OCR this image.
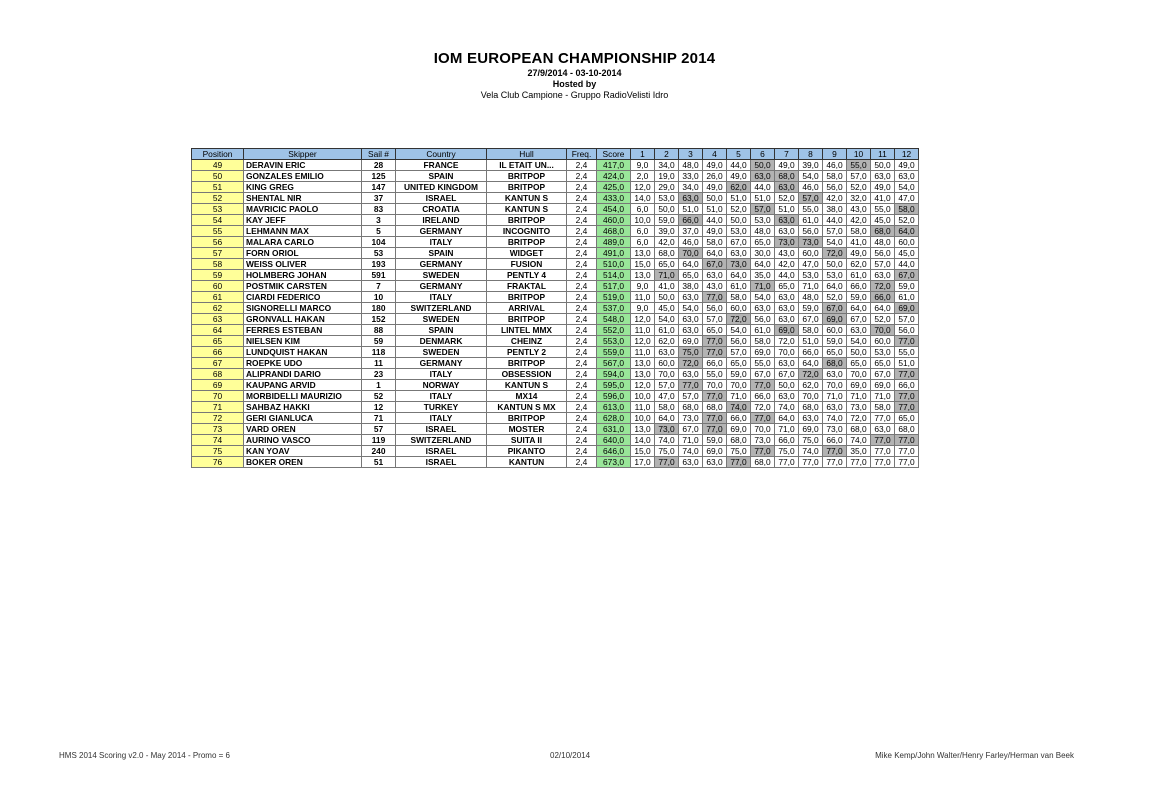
IOM EUROPEAN CHAMPIONSHIP 2014

27/9/2014 - 03-10-2014

Hosted by

Vela Club Campione - Gruppo RadioVelisti Idro

Position	Skipper	Sail #	Country	Hull	Freq.	Score	1	2	3	4	5	6	7	8	9	10	11	12
49	DERAVIN ERIC	28	FRANCE	IL ETAIT UN...	2,4	417,0	9,0	34,0	48,0	49,0	44,0	50,0	49,0	39,0	46,0	55,0	50,0	49,0
50	GONZALES EMILIO	125	SPAIN	BRITPOP	2,4	424,0	2,0	19,0	33,0	26,0	49,0	63,0	68,0	54,0	58,0	57,0	63,0	63,0
51	KING GREG	147	UNITED KINGDOM	BRITPOP	2,4	425,0	12,0	29,0	34,0	49,0	62,0	44,0	63,0	46,0	56,0	52,0	49,0	54,0
52	SHENTAL NIR	37	ISRAEL	KANTUN S	2,4	433,0	14,0	53,0	63,0	50,0	51,0	51,0	52,0	57,0	42,0	32,0	41,0	47,0
53	MAVRICIC PAOLO	83	CROATIA	KANTUN S	2,4	454,0	6,0	50,0	51,0	51,0	52,0	57,0	51,0	55,0	38,0	43,0	55,0	58,0
54	KAY JEFF	3	IRELAND	BRITPOP	2,4	460,0	10,0	59,0	66,0	44,0	50,0	53,0	63,0	61,0	44,0	42,0	45,0	52,0
55	LEHMANN MAX	5	GERMANY	INCOGNITO	2,4	468,0	6,0	39,0	37,0	49,0	53,0	48,0	63,0	56,0	57,0	58,0	68,0	64,0
56	MALARA CARLO	104	ITALY	BRITPOP	2,4	489,0	6,0	42,0	46,0	58,0	67,0	65,0	73,0	73,0	54,0	41,0	48,0	60,0
57	FORN ORIOL	53	SPAIN	WIDGET	2,4	491,0	13,0	68,0	70,0	64,0	63,0	30,0	43,0	60,0	72,0	49,0	56,0	45,0
58	WEISS OLIVER	193	GERMANY	FUSION	2,4	510,0	15,0	65,0	64,0	67,0	73,0	64,0	42,0	47,0	50,0	62,0	57,0	44,0
59	HOLMBERG JOHAN	591	SWEDEN	PENTLY 4	2,4	514,0	13,0	71,0	65,0	63,0	64,0	35,0	44,0	53,0	53,0	61,0	63,0	67,0
60	POSTMIK CARSTEN	7	GERMANY	FRAKTAL	2,4	517,0	9,0	41,0	38,0	43,0	61,0	71,0	65,0	71,0	64,0	66,0	72,0	59,0
61	CIARDI FEDERICO	10	ITALY	BRITPOP	2,4	519,0	11,0	50,0	63,0	77,0	58,0	54,0	63,0	48,0	52,0	59,0	66,0	61,0
62	SIGNORELLI MARCO	180	SWITZERLAND	ARRIVAL	2,4	537,0	9,0	45,0	54,0	56,0	60,0	63,0	63,0	59,0	67,0	64,0	64,0	69,0
63	GRONVALL HAKAN	152	SWEDEN	BRITPOP	2,4	548,0	12,0	54,0	63,0	57,0	72,0	56,0	63,0	67,0	69,0	67,0	52,0	57,0
64	FERRES ESTEBAN	88	SPAIN	LINTEL MMX	2,4	552,0	11,0	61,0	63,0	65,0	54,0	61,0	69,0	58,0	60,0	63,0	70,0	56,0
65	NIELSEN KIM	59	DENMARK	CHEINZ	2,4	553,0	12,0	62,0	69,0	77,0	56,0	58,0	72,0	51,0	59,0	54,0	60,0	77,0
66	LUNDQUIST HAKAN	118	SWEDEN	PENTLY 2	2,4	559,0	11,0	63,0	75,0	77,0	57,0	69,0	70,0	66,0	65,0	50,0	53,0	55,0
67	ROEPKE UDO	11	GERMANY	BRITPOP	2,4	567,0	13,0	60,0	72,0	66,0	65,0	55,0	63,0	64,0	68,0	65,0	65,0	51,0
68	ALIPRANDI DARIO	23	ITALY	OBSESSION	2,4	594,0	13,0	70,0	63,0	55,0	59,0	67,0	67,0	72,0	63,0	70,0	67,0	77,0
69	KAUPANG ARVID	1	NORWAY	KANTUN S	2,4	595,0	12,0	57,0	77,0	70,0	70,0	77,0	50,0	62,0	70,0	69,0	69,0	66,0
70	MORBIDELLI MAURIZIO	52	ITALY	MX14	2,4	596,0	10,0	47,0	57,0	77,0	71,0	66,0	63,0	70,0	71,0	71,0	71,0	77,0
71	SAHBAZ HAKKI	12	TURKEY	KANTUN S MX	2,4	613,0	11,0	58,0	68,0	68,0	74,0	72,0	74,0	68,0	63,0	73,0	58,0	77,0
72	GERI GIANLUCA	71	ITALY	BRITPOP	2,4	628,0	10,0	64,0	73,0	77,0	66,0	77,0	64,0	63,0	74,0	72,0	77,0	65,0
73	VARD OREN	57	ISRAEL	MOSTER	2,4	631,0	13,0	73,0	67,0	77,0	69,0	70,0	71,0	69,0	73,0	68,0	63,0	68,0
74	AURINO VASCO	119	SWITZERLAND	SUITA II	2,4	640,0	14,0	74,0	71,0	59,0	68,0	73,0	66,0	75,0	66,0	74,0	77,0	77,0
75	KAN YOAV	240	ISRAEL	PIKANTO	2,4	646,0	15,0	75,0	74,0	69,0	75,0	77,0	75,0	74,0	77,0	35,0	77,0	77,0
76	BOKER OREN	51	ISRAEL	KANTUN	2,4	673,0	17,0	77,0	63,0	63,0	77,0	68,0	77,0	77,0	77,0	77,0	77,0	77,0
HMS 2014 Scoring v2.0 - May 2014 - Promo = 6	02/10/2014	Mike Kemp/John Walter/Henry Farley/Herman van Beek
